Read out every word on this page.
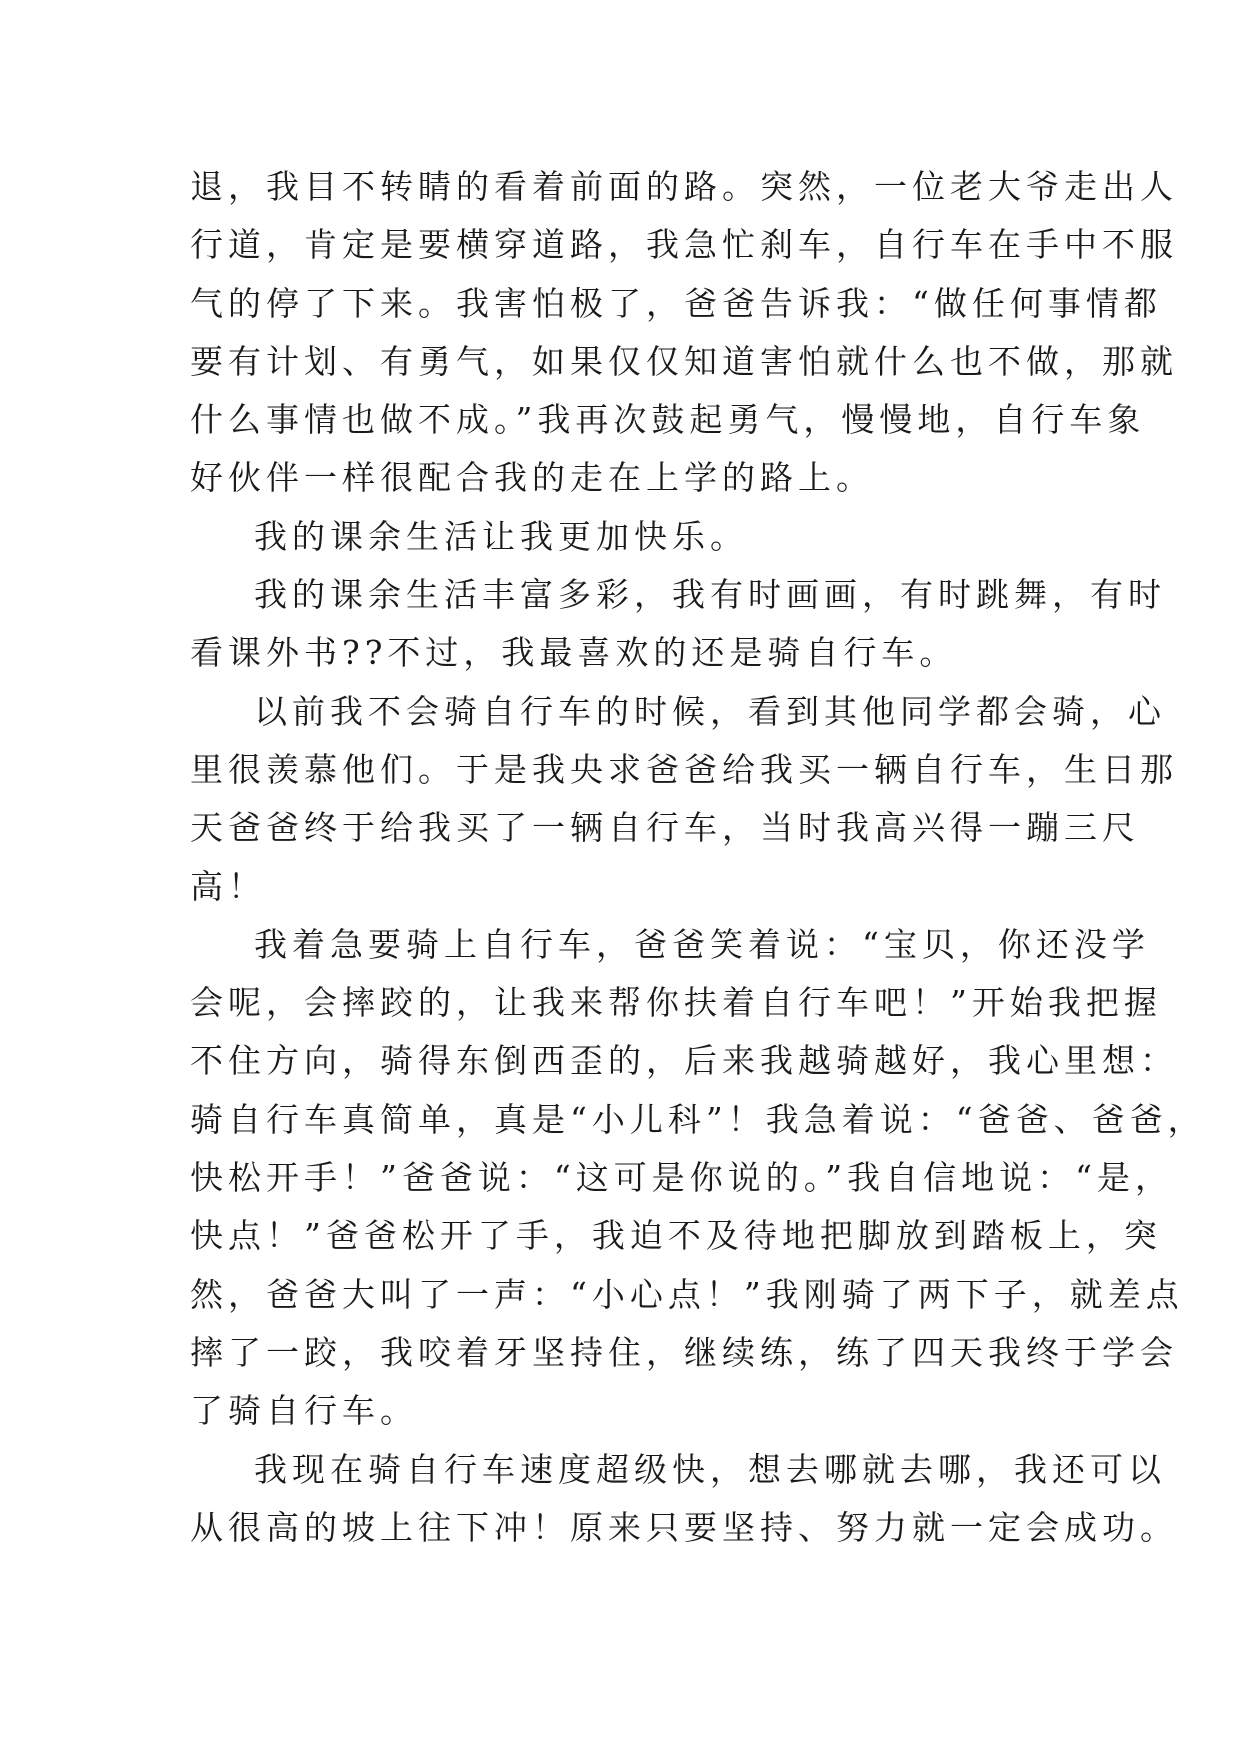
退，我目不转睛的看着前面的路。突然，一位老大爷走出人
行道，肯定是要横穿道路，我急忙刹车，自行车在手中不服
气的停了下来。我害怕极了，爸爸告诉我：“做任何事情都
要有计划、有勇气，如果仅仅知道害怕就什么也不做，那就
什么事情也做不成。”我再次鼓起勇气，慢慢地，自行车象
好伙伴一样很配合我的走在上学的路上。
我的课余生活让我更加快乐。
我的课余生活丰富多彩，我有时画画，有时跳舞，有时
看课外书??不过，我最喜欢的还是骑自行车。
以前我不会骑自行车的时候，看到其他同学都会骑，心
里很羡慕他们。于是我央求爸爸给我买一辆自行车，生日那
天爸爸终于给我买了一辆自行车，当时我高兴得一蹦三尺
高！
我着急要骑上自行车，爸爸笑着说：“宝贝，你还没学
会呢，会摔跤的，让我来帮你扶着自行车吧！”开始我把握
不住方向，骑得东倒西歪的，后来我越骑越好，我心里想：
骑自行车真简单，真是“小儿科”！我急着说：“爸爸、爸爸，
快松开手！”爸爸说：“这可是你说的。”我自信地说：“是，
快点！”爸爸松开了手，我迫不及待地把脚放到踏板上，突
然，爸爸大叫了一声：“小心点！”我刚骑了两下子，就差点
摔了一跤，我咬着牙坚持住，继续练，练了四天我终于学会
了骑自行车。
我现在骑自行车速度超级快，想去哪就去哪，我还可以
从很高的坡上往下冲！原来只要坚持、努力就一定会成功。
